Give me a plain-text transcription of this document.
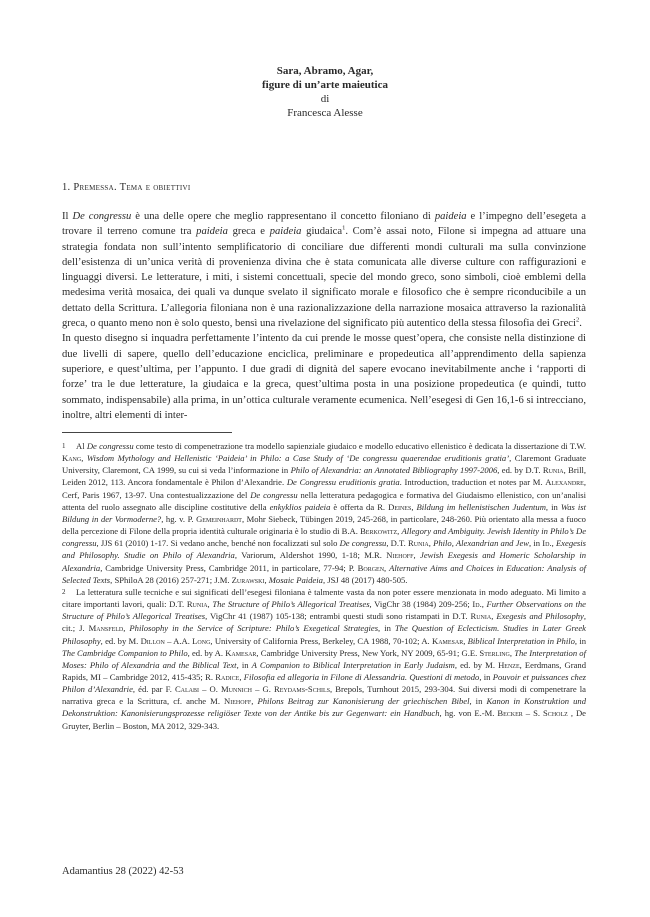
Sara, Abramo, Agar,
figure di un’arte maieutica
di
Francesca Alesse
1. Premessa. Tema e obiettivi

Il De congressu è una delle opere che meglio rappresentano il concetto filoniano di paideia e l’impegno dell’esegeta a trovare il terreno comune tra paideia greca e paideia giudaica$^1$. Com’è assai noto, Filone si impegna ad attuare una strategia fondata non sull’intento semplificatorio di conciliare due differenti mondi culturali ma sulla convinzione dell’esistenza di un’unica verità di provenienza divina che è stata comunicata alle diverse culture con raffigurazioni e linguaggi diversi. Le letterature, i miti, i sistemi concettuali, specie del mondo greco, sono simboli, cioè emblemi della medesima verità mosaica, dei quali va dunque svelato il significato morale e filosofico che è sempre riconducibile a un dettato della Scrittura. L’allegoria filoniana non è una razionalizzazione della narrazione mosaica attraverso la razionalità greca, o quanto meno non è solo questo, bensì una rivelazione del significato più autentico della stessa filosofia dei Greci$^2$.

In questo disegno si inquadra perfettamente l’intento da cui prende le mosse quest’opera, che consiste nella distinzione di due livelli di sapere, quello dell’educazione enciclica, preliminare e propedeutica all’apprendimento della sapienza superiore, e quest’ultima, per l’appunto. I due gradi di dignità del sapere evocano inevitabilmente anche i ‘rapporti di forze’ tra le due letterature, la giudaica e la greca, quest’ultima posta in una posizione propedeutica (e quindi, tutto sommato, indispensabile) alla prima, in un’ottica culturale veramente ecumenica. Nell’esegesi di Gen 16,1-6 si intrecciano, inoltre, altri elementi di inter-

1 Al De congressu come testo di compenetrazione tra modello sapienziale giudaico e modello educativo ellenistico è dedicata la dissertazione di T.W. Kang, Wisdom Mythology and Hellenistic ‘Paideia’ in Philo: a Case Study of ‘De congressu quaerendae eruditionis gratia’, Claremont Graduate University, Claremont, CA 1999, su cui si veda l’informazione in Philo of Alexandria: an Annotated Bibliography 1997-2006, ed. by D.T. Runia, Brill, Leiden 2012, 113. Ancora fondamentale è Philon d’Alexandrie. De Congressu eruditionis gratia. Introduction, traduction et notes par M. Alexandre, Cerf, Paris 1967, 13-97. Una contestualizzazione del De congressu nella letteratura pedagogica e formativa del Giudaismo ellenistico, con un’analisi attenta del ruolo assegnato alle discipline costitutive della enkyklios paideia è offerta da R. Deines, Bildung im hellenistischen Judentum, in Was ist Bildung in der Vormoderne?, hg. v. P. Gemeinhardt, Mohr Siebeck, Tübingen 2019, 245-268, in particolare, 248-260. Più orientato alla messa a fuoco della percezione di Filone della propria identità culturale originaria è lo studio di B.A. Berkowitz, Allegory and Ambiguity. Jewish Identity in Philo’s De congressu, JJS 61 (2010) 1-17. Si vedano anche, benché non focalizzati sul solo De congressu, D.T. Runia, Philo, Alexandrian and Jew, in Id., Exegesis and Philosophy. Studie on Philo of Alexandria, Variorum, Aldershot 1990, 1-18; M.R. Niehoff, Jewish Exegesis and Homeric Scholarship in Alexandria, Cambridge University Press, Cambridge 2011, in particolare, 77-94; P. Borgen, Alternative Aims and Choices in Education: Analysis of Selected Texts, SPhiloA 28 (2016) 257-271; J.M. Zurawski, Mosaic Paideia, JSJ 48 (2017) 480-505.

2 La letteratura sulle tecniche e sui significati dell’esegesi filoniana è talmente vasta da non poter essere menzionata in modo adeguato. Mi limito a citare importanti lavori, quali: D.T. Runia, The Structure of Philo’s Allegorical Treatises, VigChr 38 (1984) 209-256; Id., Further Observations on the Structure of Philo’s Allegorical Treatises, VigChr 41 (1987) 105-138; entrambi questi studi sono ristampati in D.T. Runia, Exegesis and Philosophy, cit.; J. Mansfeld, Philosophy in the Service of Scripture: Philo’s Exegetical Strategies, in The Question of Eclecticism. Studies in Later Greek Philosophy, ed. by M. Dillon – A.A. Long, University of California Press, Berkeley, CA 1988, 70-102; A. Kamesar, Biblical Interpretation in Philo, in The Cambridge Companion to Philo, ed. by A. Kamesar, Cambridge University Press, New York, NY 2009, 65-91; G.E. Sterling, The Interpretation of Moses: Philo of Alexandria and the Biblical Text, in A Companion to Biblical Interpretation in Early Judaism, ed. by M. Henze, Eerdmans, Grand Rapids, MI – Cambridge 2012, 415-435; R. Radice, Filosofia ed allegoria in Filone di Alessandria. Questioni di metodo, in Pouvoir et puissances chez Philon d’Alexandrie, éd. par F. Calabi – O. Munnich – G. Reydams-Schils, Brepols, Turnhout 2015, 293-304. Sui diversi modi di compenetrare la narrativa greca e la Scrittura, cf. anche M. Niehoff, Philons Beitrag zur Kanonisierung der griechischen Bibel, in Kanon in Konstruktion und Dekonstruktion: Kanonisierungsprozesse religiöser Texte von der Antike bis zur Gegenwart: ein Handbuch, hg. von E.-M. Becker – S. Scholz , De Gruyter, Berlin – Boston, MA 2012, 329-343.

Adamantius 28 (2022) 42-53
